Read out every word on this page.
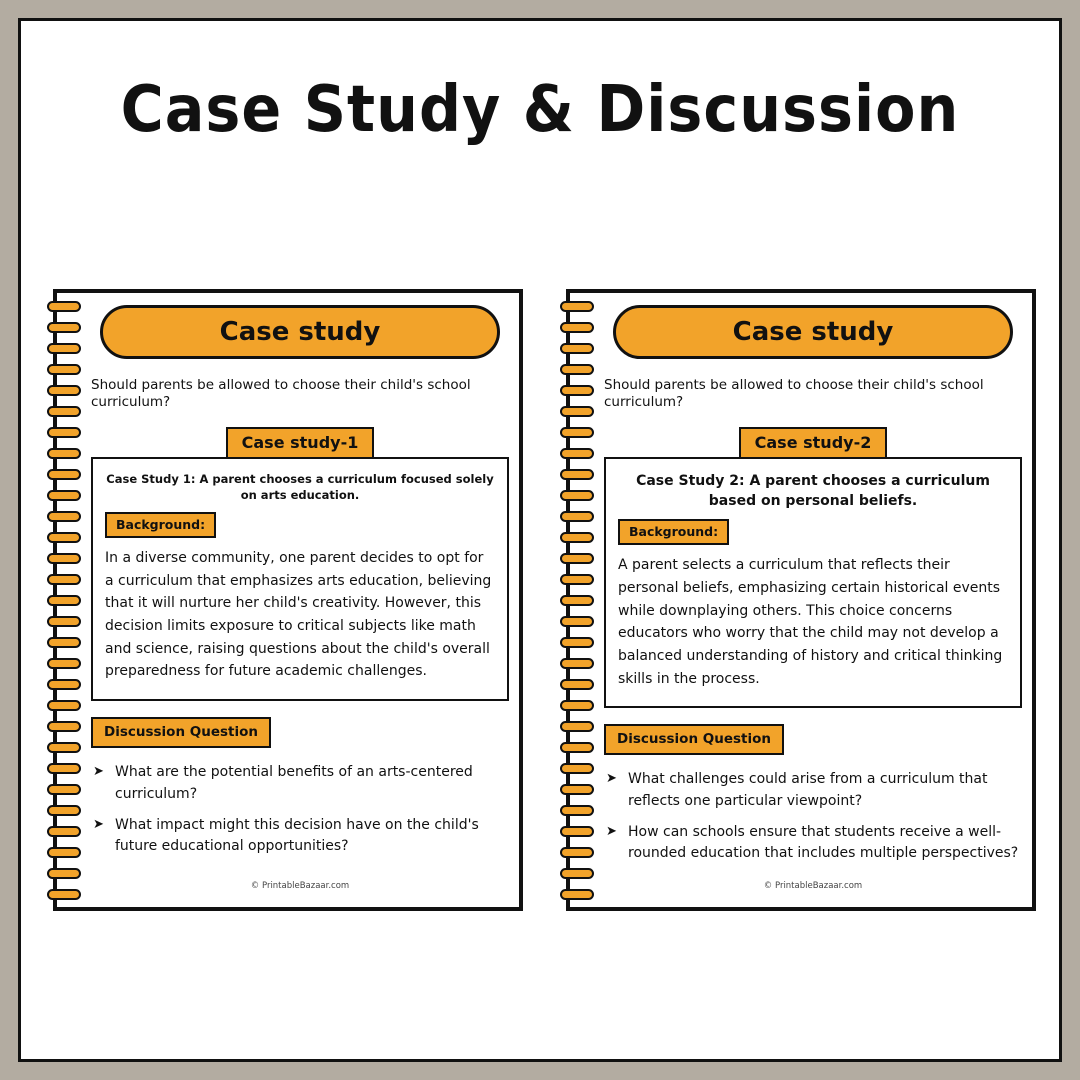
Case Study & Discussion
Case study
Should parents be allowed to choose their child's school curriculum?
Case study-1
Case Study 1: A parent chooses a curriculum focused solely on arts education.
Background:
In a diverse community, one parent decides to opt for a curriculum that emphasizes arts education, believing that it will nurture her child's creativity. However, this decision limits exposure to critical subjects like math and science, raising questions about the child's overall preparedness for future academic challenges.
Discussion Question
➤ What are the potential benefits of an arts-centered curriculum?
➤ What impact might this decision have on the child's future educational opportunities?
© PrintableBazaar.com
Case study
Should parents be allowed to choose their child's school curriculum?
Case study-2
Case Study 2: A parent chooses a curriculum based on personal beliefs.
Background:
A parent selects a curriculum that reflects their personal beliefs, emphasizing certain historical events while downplaying others. This choice concerns educators who worry that the child may not develop a balanced understanding of history and critical thinking skills in the process.
Discussion Question
➤ What challenges could arise from a curriculum that reflects one particular viewpoint?
➤ How can schools ensure that students receive a well-rounded education that includes multiple perspectives?
© PrintableBazaar.com
